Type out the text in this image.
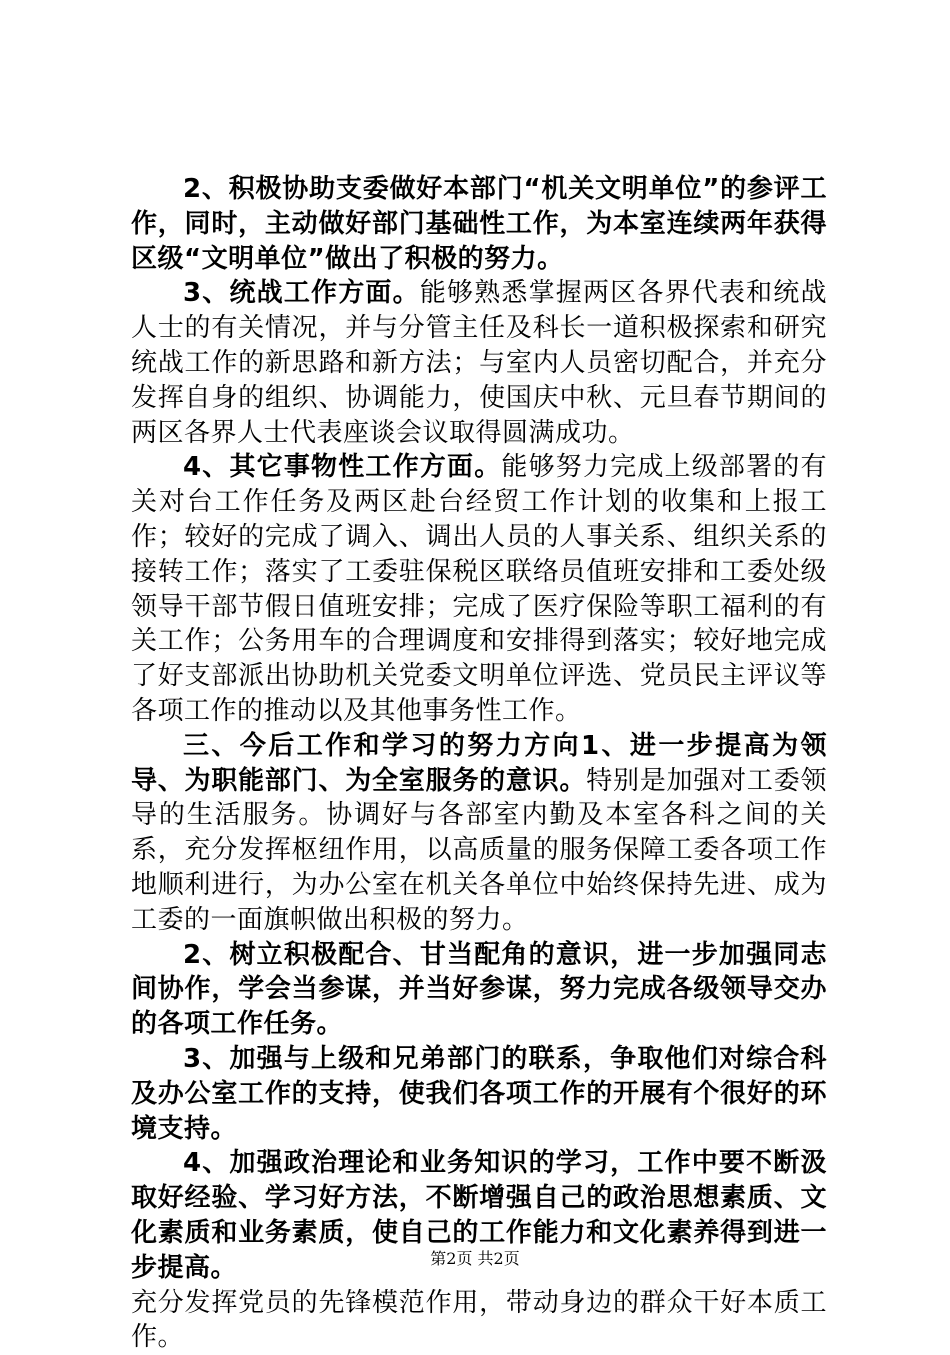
2、积极协助支委做好本部门“机关文明单位”的参评工作，同时，主动做好部门基础性工作，为本室连续两年获得区级“文明单位”做出了积极的努力。

3、统战工作方面。能够熟悉掌握两区各界代表和统战人士的有关情况，并与分管主任及科长一道积极探索和研究统战工作的新思路和新方法；与室内人员密切配合，并充分发挥自身的组织、协调能力，使国庆中秋、元旦春节期间的两区各界人士代表座谈会议取得圆满成功。

4、其它事物性工作方面。能够努力完成上级部署的有关对台工作任务及两区赴台经贸工作计划的收集和上报工作；较好的完成了调入、调出人员的人事关系、组织关系的接转工作；落实了工委驻保税区联络员值班安排和工委处级领导干部节假日值班安排；完成了医疗保险等职工福利的有关工作；公务用车的合理调度和安排得到落实；较好地完成了好支部派出协助机关党委文明单位评选、党员民主评议等各项工作的推动以及其他事务性工作。

三、今后工作和学习的努力方向1、进一步提高为领导、为职能部门、为全室服务的意识。特别是加强对工委领导的生活服务。协调好与各部室内勤及本室各科之间的关系，充分发挥枢纽作用，以高质量的服务保障工委各项工作地顺利进行，为办公室在机关各单位中始终保持先进、成为工委的一面旗帜做出积极的努力。

2、树立积极配合、甘当配角的意识，进一步加强同志间协作，学会当参谋，并当好参谋，努力完成各级领导交办的各项工作任务。

3、加强与上级和兄弟部门的联系，争取他们对综合科及办公室工作的支持，使我们各项工作的开展有个很好的环境支持。

4、加强政治理论和业务知识的学习，工作中要不断汲取好经验、学习好方法，不断增强自己的政治思想素质、文化素质和业务素质，使自己的工作能力和文化素养得到进一步提高。

充分发挥党员的先锋模范作用，带动身边的群众干好本质工作。

第2页 共2页
